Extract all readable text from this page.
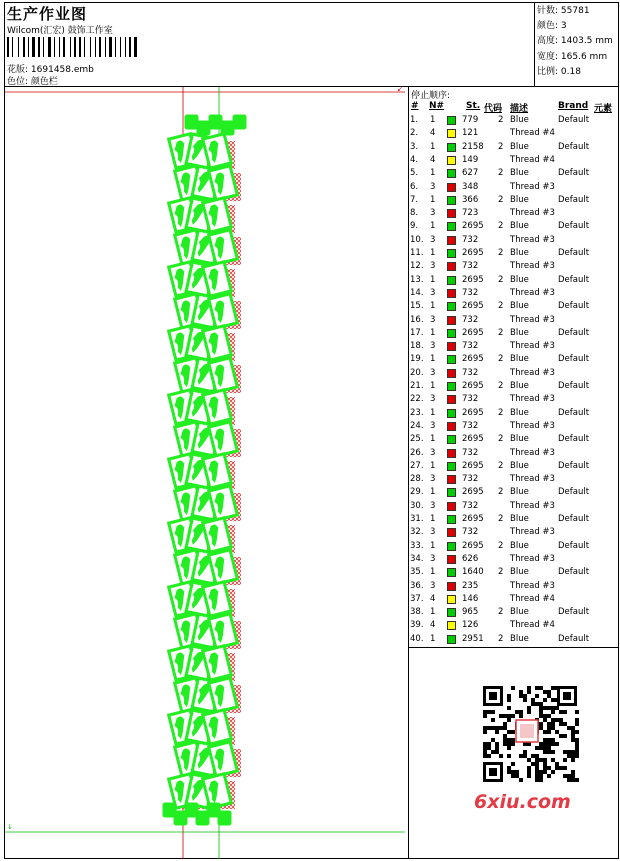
生产作业图
Wilcom(汇宏) 鼓饰工作室
花版: 1691458.emb
色位: 颜色栏
针数: 55781
颜色: 3
高度: 1403.5 mm
宽度: 165.6 mm
比例: 0.18
↙
↓
停止顺序:
# N# St. 代码 描述	Brand 元素
1. 1	779 2 Blue	Default
2. 4	121	Thread #4
3. 1	2158 2 Blue	Default
4. 4	149	Thread #4
5. 1	627 2 Blue	Default
6. 3	348	Thread #3
7. 1	366 2 Blue	Default
8. 3	723	Thread #3
9. 1	2695 2 Blue	Default
10. 3	732	Thread #3
11. 1	2695 2 Blue	Default
12. 3	732	Thread #3
13. 1	2695 2 Blue	Default
14. 3	732	Thread #3
15. 1	2695 2 Blue	Default
16. 3	732	Thread #3
17. 1	2695 2 Blue	Default
18. 3	732	Thread #3
19. 1	2695 2 Blue	Default
20. 3	732	Thread #3
21. 1	2695 2 Blue	Default
22. 3	732	Thread #3
23. 1	2695 2 Blue	Default
24. 3	732	Thread #3
25. 1	2695 2 Blue	Default
26. 3	732	Thread #3
27. 1	2695 2 Blue	Default
28. 3	732	Thread #3
29. 1	2695 2 Blue	Default
30. 3	732	Thread #3
31. 1	2695 2 Blue	Default
32. 3	732	Thread #3
33. 1	2695 2 Blue	Default
34. 3	626	Thread #3
35. 1	1640 2 Blue	Default
36. 3	235	Thread #3
37. 4	146	Thread #4
38. 1	965 2 Blue	Default
39. 4	126	Thread #4
40. 1	2951 2 Blue	Default
6xiu.com
